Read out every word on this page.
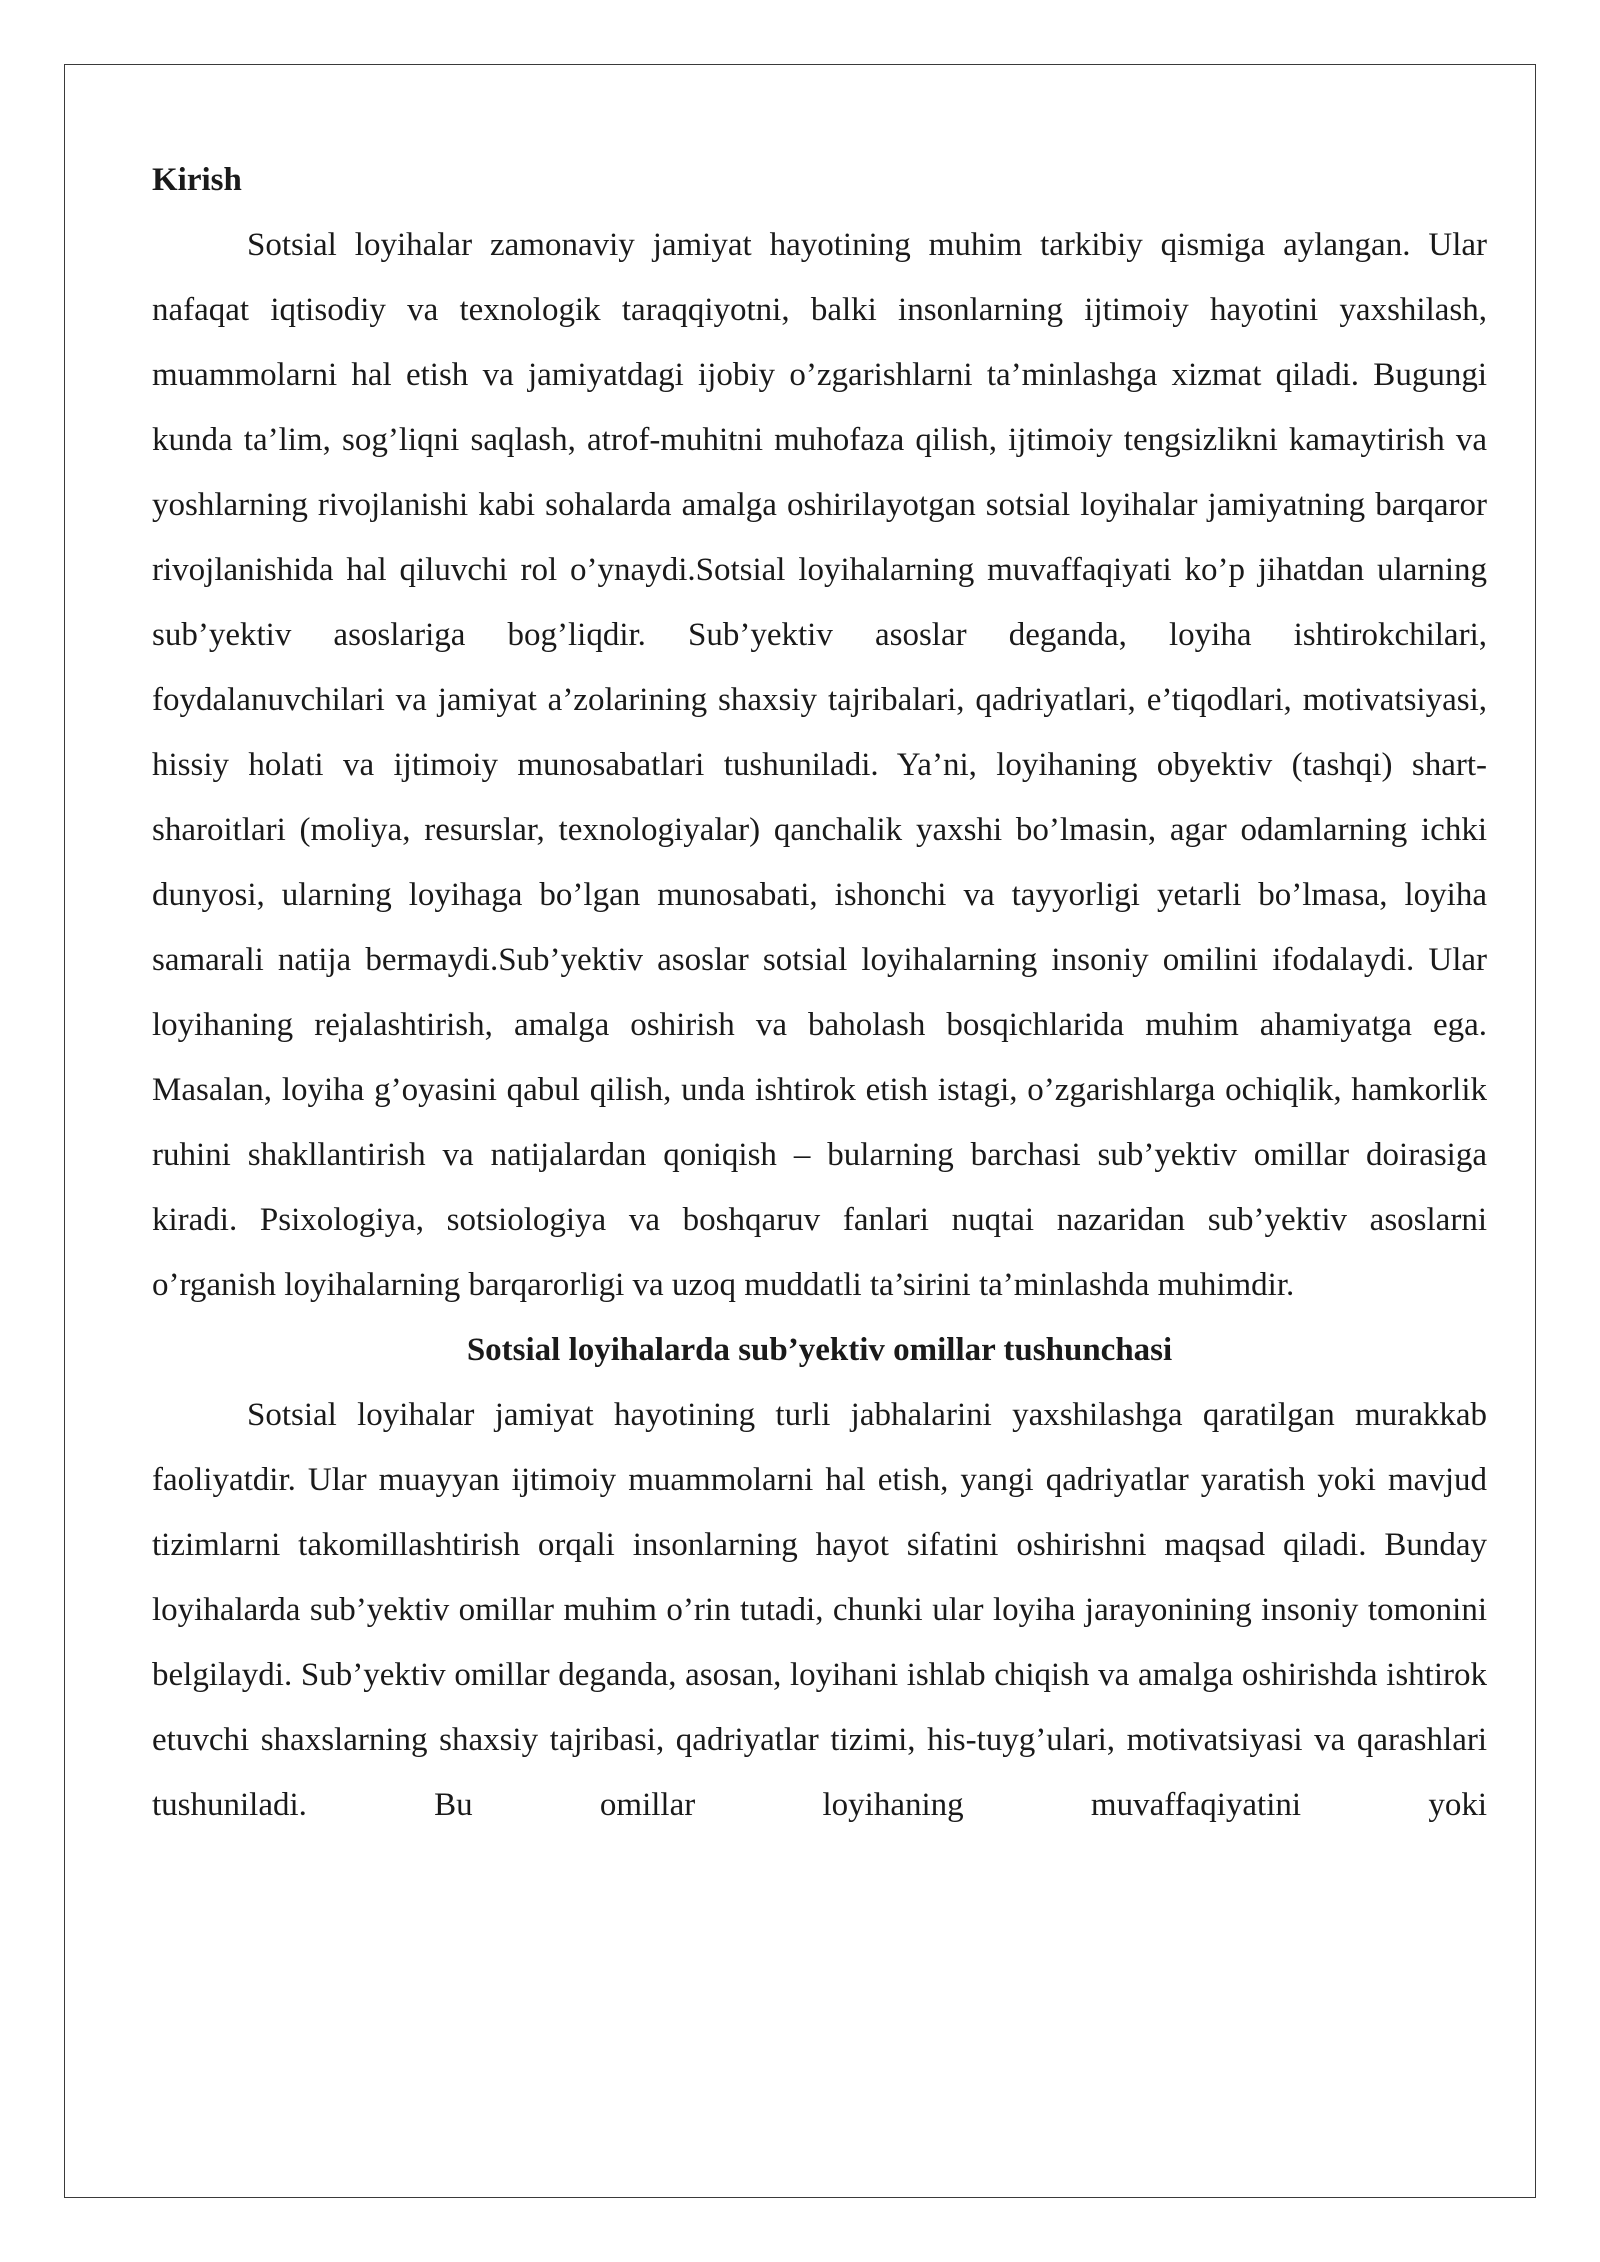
Kirish

Sotsial loyihalar zamonaviy jamiyat hayotining muhim tarkibiy qismiga aylangan. Ular nafaqat iqtisodiy va texnologik taraqqiyotni, balki insonlarning ijtimoiy hayotini yaxshilash, muammolarni hal etish va jamiyatdagi ijobiy o’zgarishlarni ta’minlashga xizmat qiladi. Bugungi kunda ta’lim, sog’liqni saqlash, atrof-muhitni muhofaza qilish, ijtimoiy tengsizlikni kamaytirish va yoshlarning rivojlanishi kabi sohalarda amalga oshirilayotgan sotsial loyihalar jamiyatning barqaror rivojlanishida hal qiluvchi rol o’ynaydi.Sotsial loyihalarning muvaffaqiyati ko’p jihatdan ularning sub’yektiv asoslariga bog’liqdir. Sub’yektiv asoslar deganda, loyiha ishtirokchilari, foydalanuvchilari va jamiyat a’zolarining shaxsiy tajribalari, qadriyatlari, e’tiqodlari, motivatsiyasi, hissiy holati va ijtimoiy munosabatlari tushuniladi. Ya’ni, loyihaning obyektiv (tashqi) shart-sharoitlari (moliya, resurslar, texnologiyalar) qanchalik yaxshi bo’lmasin, agar odamlarning ichki dunyosi, ularning loyihaga bo’lgan munosabati, ishonchi va tayyorligi yetarli bo’lmasa, loyiha samarali natija bermaydi.Sub’yektiv asoslar sotsial loyihalarning insoniy omilini ifodalaydi. Ular loyihaning rejalashtirish, amalga oshirish va baholash bosqichlarida muhim ahamiyatga ega. Masalan, loyiha g’oyasini qabul qilish, unda ishtirok etish istagi, o’zgarishlarga ochiqlik, hamkorlik ruhini shakllantirish va natijalardan qoniqish – bularning barchasi sub’yektiv omillar doirasiga kiradi. Psixologiya, sotsiologiya va boshqaruv fanlari nuqtai nazaridan sub’yektiv asoslarni o’rganish loyihalarning barqarorligi va uzoq muddatli ta’sirini ta’minlashda muhimdir.

Sotsial loyihalarda sub’yektiv omillar tushunchasi

Sotsial loyihalar jamiyat hayotining turli jabhalarini yaxshilashga qaratilgan murakkab faoliyatdir. Ular muayyan ijtimoiy muammolarni hal etish, yangi qadriyatlar yaratish yoki mavjud tizimlarni takomillashtirish orqali insonlarning hayot sifatini oshirishni maqsad qiladi. Bunday loyihalarda sub’yektiv omillar muhim o’rin tutadi, chunki ular loyiha jarayonining insoniy tomonini belgilaydi. Sub’yektiv omillar deganda, asosan, loyihani ishlab chiqish va amalga oshirishda ishtirok etuvchi shaxslarning shaxsiy tajribasi, qadriyatlar tizimi, his-tuyg’ulari, motivatsiyasi va qarashlari tushuniladi. Bu omillar loyihaning muvaffaqiyatini yoki
